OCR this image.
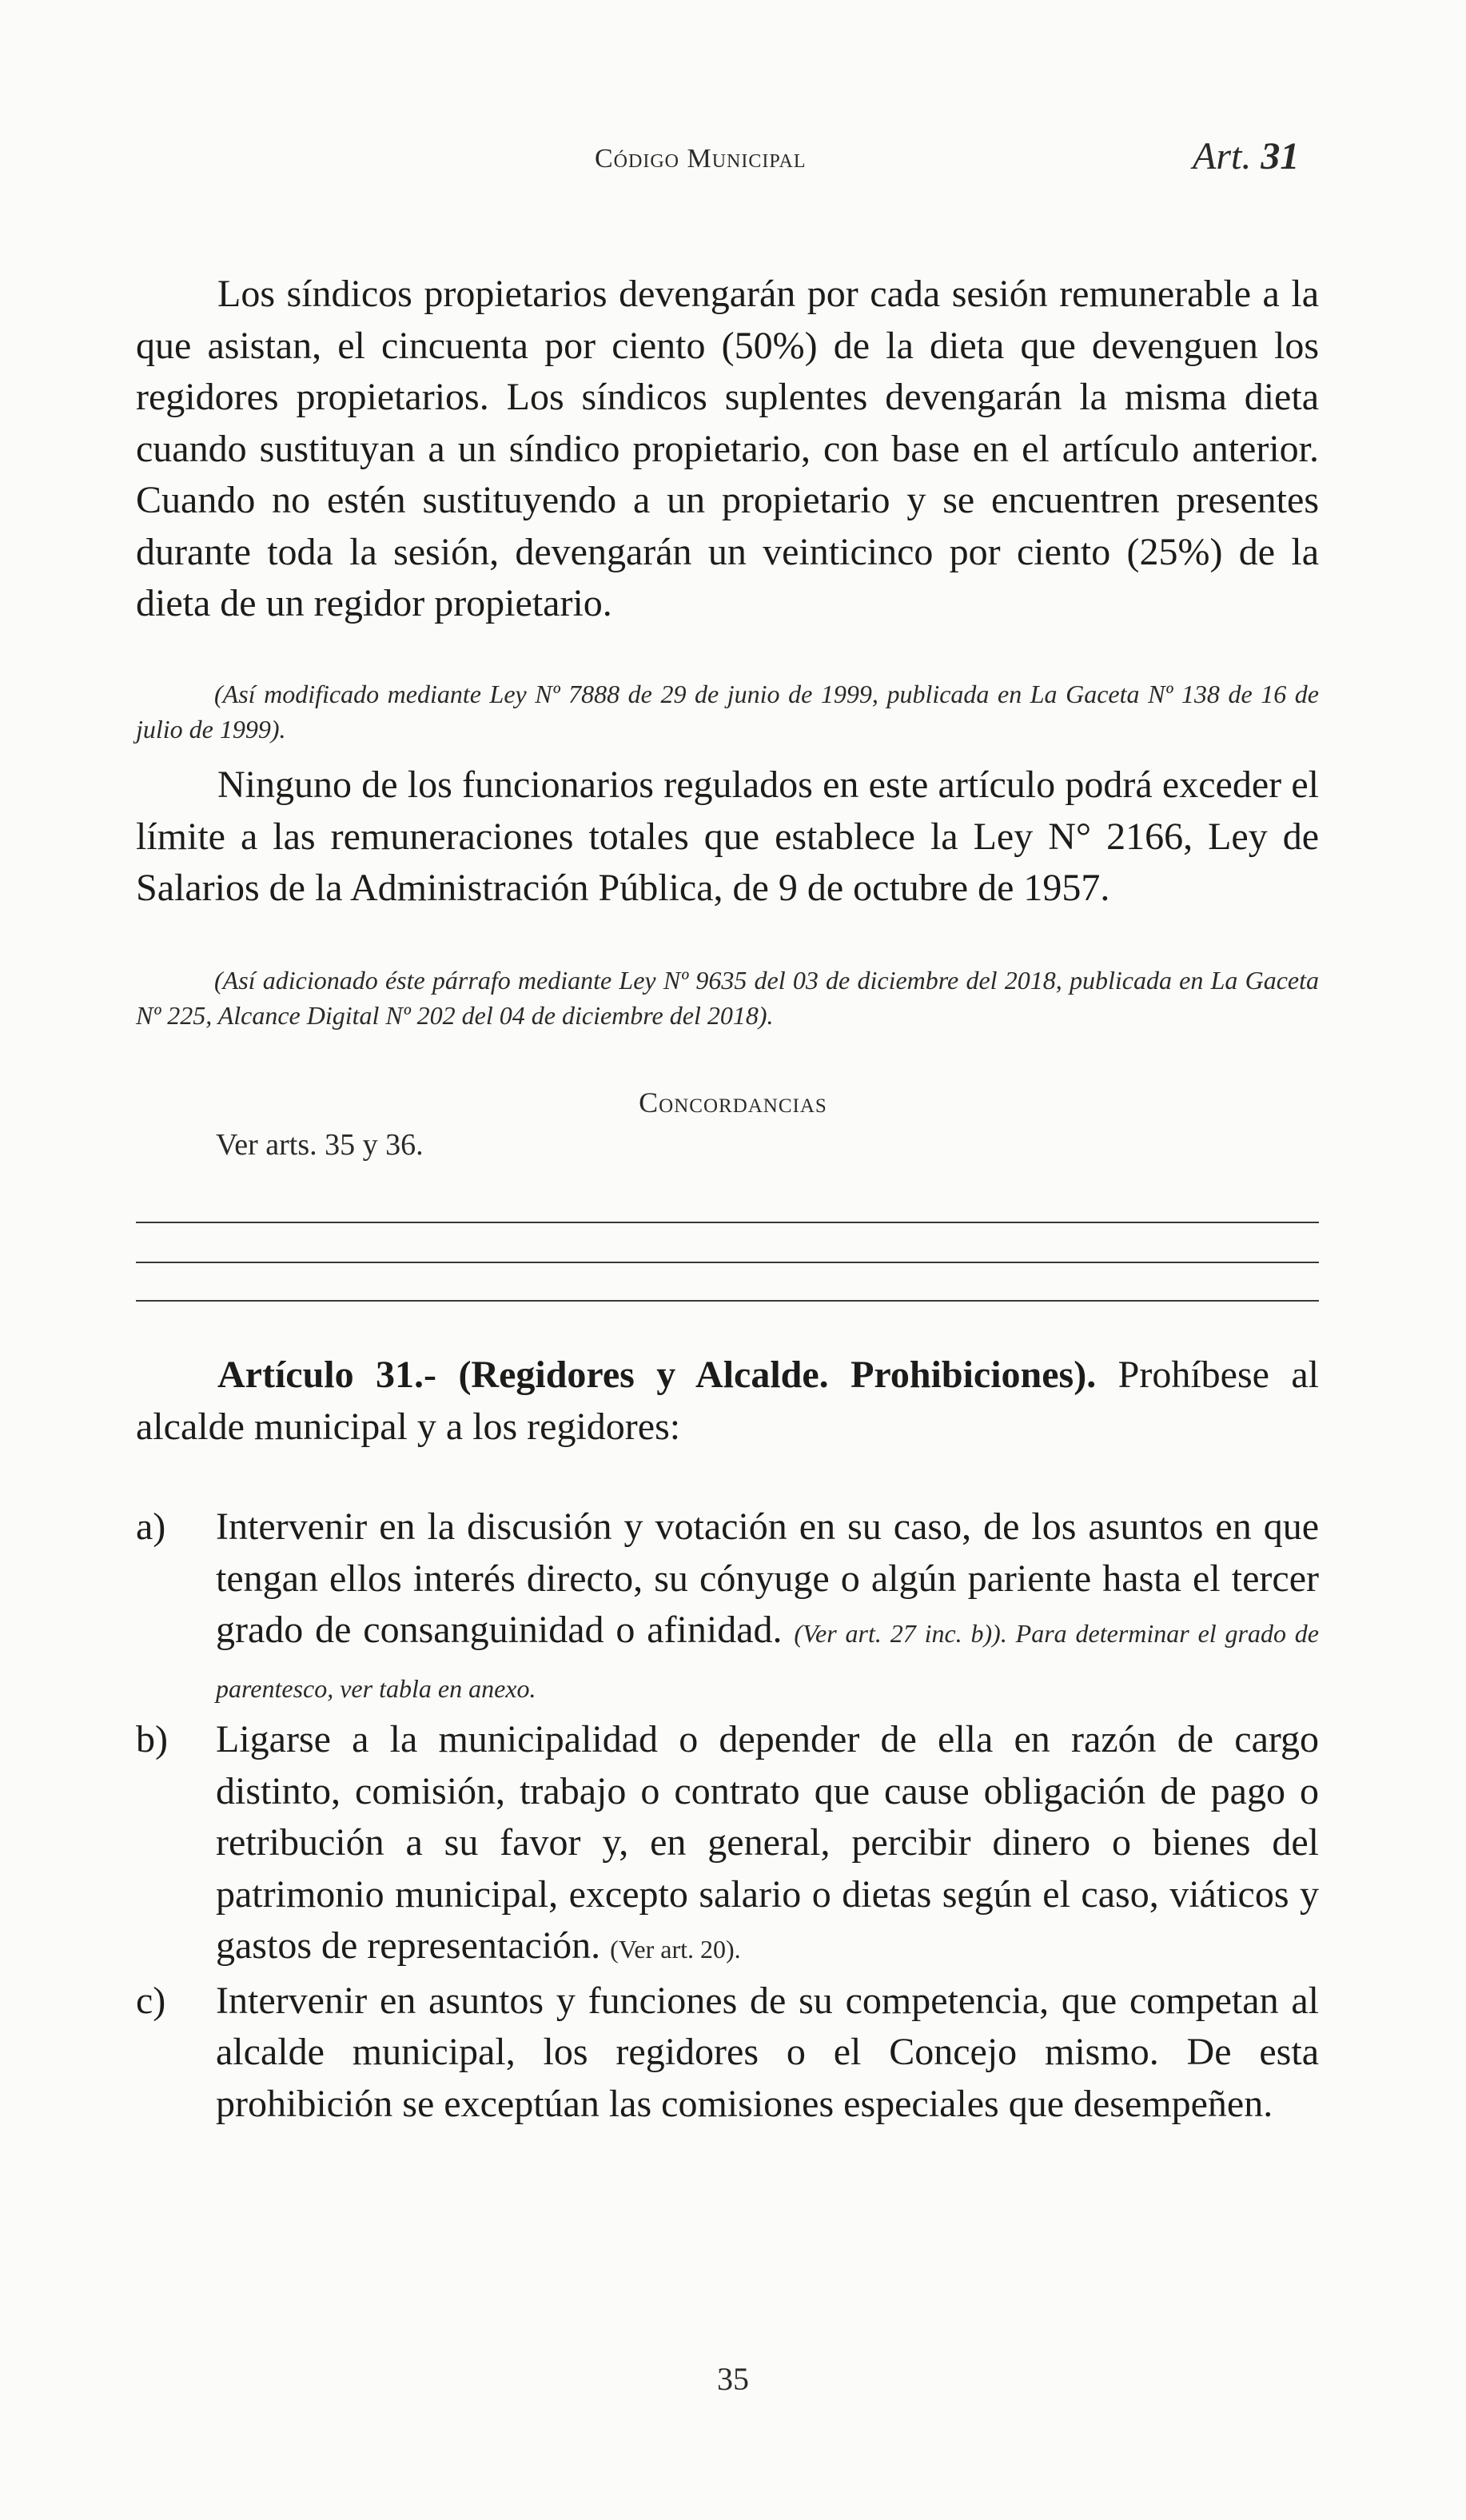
Código Municipal	Art. 31
Los síndicos propietarios devengarán por cada sesión remunerable a la que asistan, el cincuenta por ciento (50%) de la dieta que devenguen los regidores propietarios. Los síndicos suplentes devengarán la misma dieta cuando sustituyan a un síndico propietario, con base en el artículo anterior. Cuando no estén sustituyendo a un propietario y se encuentren presentes durante toda la sesión, devengarán un veinticinco por ciento (25%) de la dieta de un regidor propietario.
(Así modificado mediante Ley Nº 7888 de 29 de junio de 1999, publicada en La Gaceta Nº 138 de 16 de julio de 1999).
Ninguno de los funcionarios regulados en este artículo podrá exceder el límite a las remuneraciones totales que establece la Ley N° 2166, Ley de Salarios de la Administración Pública, de 9 de octubre de 1957.
(Así adicionado éste párrafo mediante Ley Nº 9635 del 03 de diciembre del 2018, publicada en La Gaceta Nº 225, Alcance Digital Nº 202 del 04 de diciembre del 2018).
Concordancias
Ver arts. 35 y 36.
Artículo 31.- (Regidores y Alcalde. Prohibiciones). Prohíbese al alcalde municipal y a los regidores:
a) Intervenir en la discusión y votación en su caso, de los asuntos en que tengan ellos interés directo, su cónyuge o algún pariente hasta el tercer grado de consanguinidad o afinidad. (Ver art. 27 inc. b)). Para determinar el grado de parentesco, ver tabla en anexo.
b) Ligarse a la municipalidad o depender de ella en razón de cargo distinto, comisión, trabajo o contrato que cause obligación de pago o retribución a su favor y, en general, percibir dinero o bienes del patrimonio municipal, excepto salario o dietas según el caso, viáticos y gastos de representación. (Ver art. 20).
c) Intervenir en asuntos y funciones de su competencia, que competan al alcalde municipal, los regidores o el Concejo mismo. De esta prohibición se exceptúan las comisiones especiales que desempeñen.
35
